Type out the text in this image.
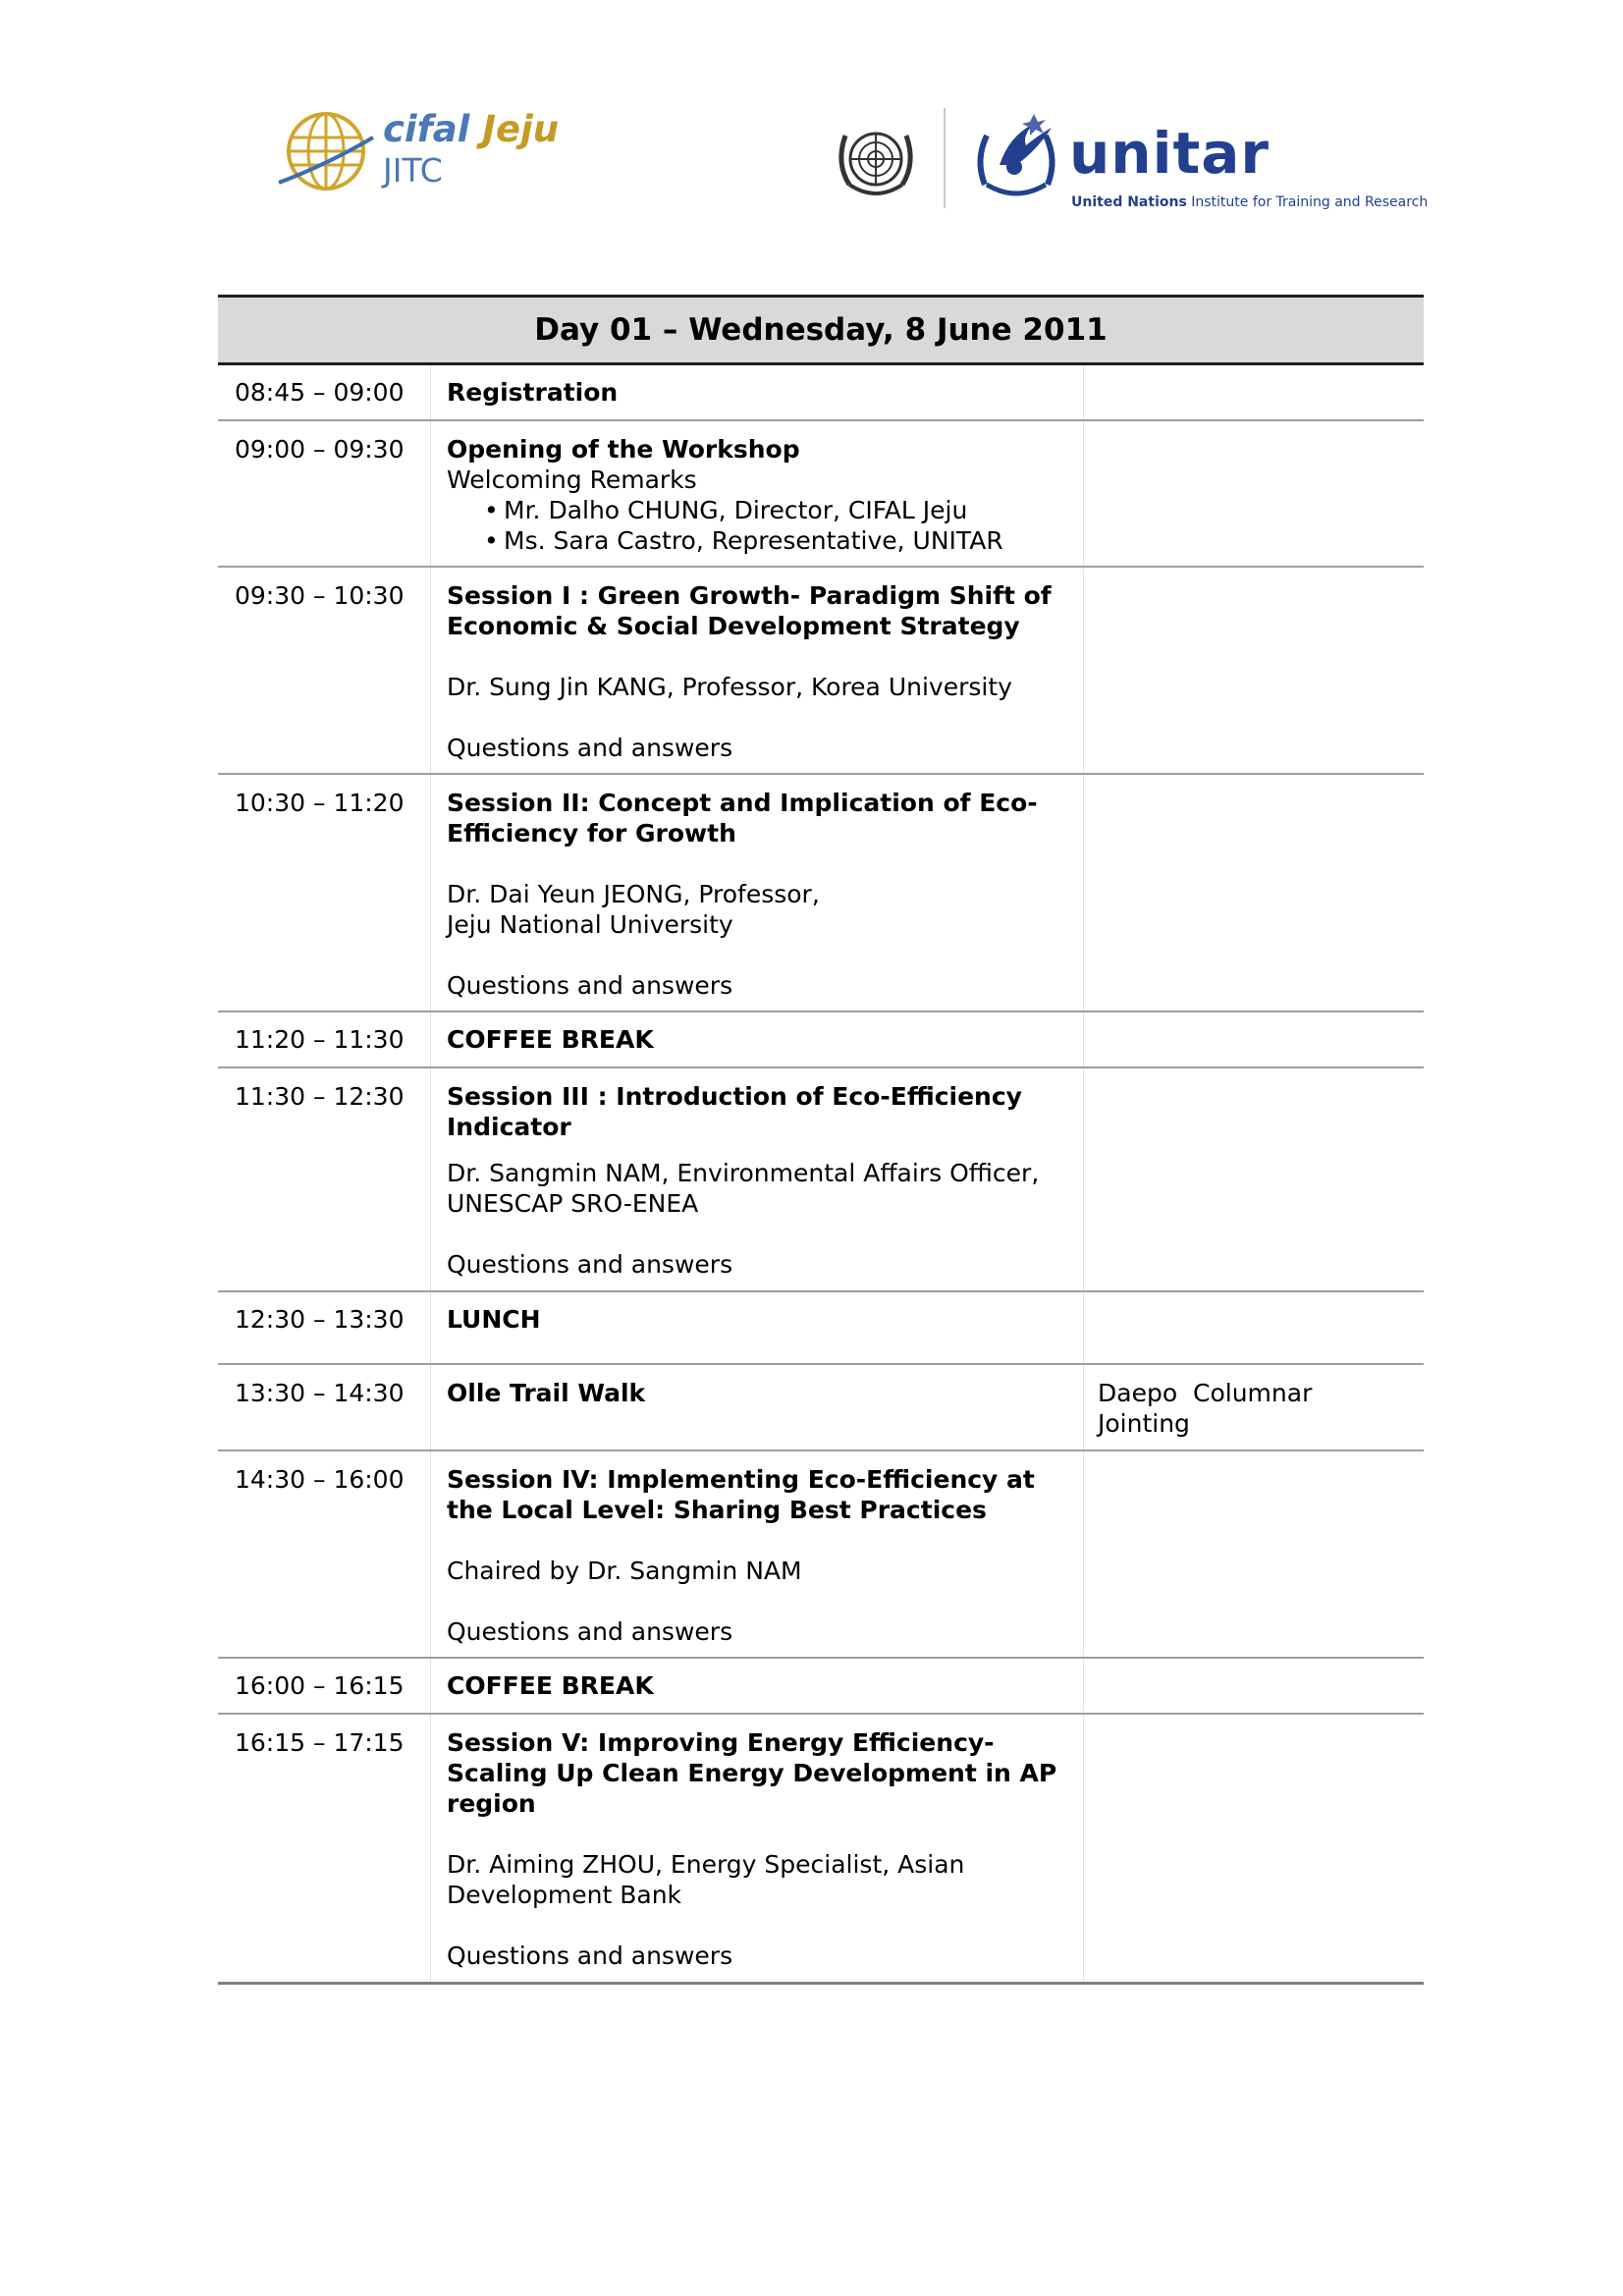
cifal Jeju
JITC	unitar
United Nations Institute for Training and Research
Day 01 – Wednesday, 8 June 2011
08:45 – 09:00	Registration
09:00 – 09:30	Opening of the Workshop
Welcoming Remarks
• Mr. Dalho CHUNG, Director, CIFAL Jeju
• Ms. Sara Castro, Representative, UNITAR
09:30 – 10:30	Session I : Green Growth- Paradigm Shift of
Economic & Social Development Strategy
Dr. Sung Jin KANG, Professor, Korea University
Questions and answers
10:30 – 11:20	Session II: Concept and Implication of Eco-
Efficiency for Growth
Dr. Dai Yeun JEONG, Professor,
Jeju National University
Questions and answers
11:20 – 11:30	COFFEE BREAK
11:30 – 12:30	Session III : Introduction of Eco-Efficiency
Indicator
Dr. Sangmin NAM, Environmental Affairs Officer,
UNESCAP SRO-ENEA
Questions and answers
12:30 – 13:30	LUNCH
13:30 – 14:30	Olle Trail Walk	Daepo  Columnar
Jointing
14:30 – 16:00	Session IV: Implementing Eco-Efficiency at
the Local Level: Sharing Best Practices
Chaired by Dr. Sangmin NAM
Questions and answers
16:00 – 16:15	COFFEE BREAK
16:15 – 17:15	Session V: Improving Energy Efficiency-
Scaling Up Clean Energy Development in AP
region
Dr. Aiming ZHOU, Energy Specialist, Asian
Development Bank
Questions and answers
